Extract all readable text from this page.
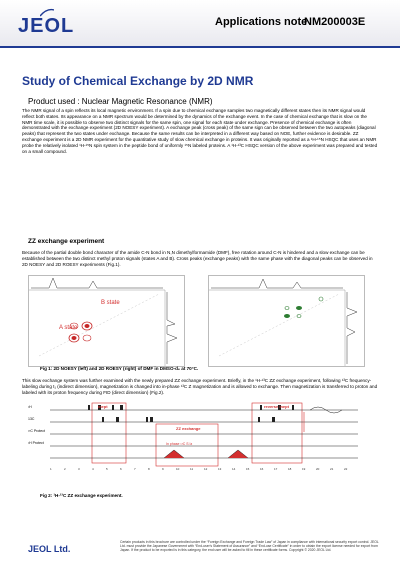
JEOL	Applications note
NM200003E
Study of Chemical Exchange by 2D NMR
Product used : Nuclear Magnetic Resonance (NMR)
The NMR signal of a spin reflects its local magnetic environment. If a spin due to chemical exchange samples two magnetically different states then its NMR signal would reflect both states. Its appearance on a NMR spectrum would be determined by the dynamics of the exchange event. In the case of chemical exchange that is slow on the NMR time scale, it is possible to observe two distinct signals for the same spin, one signal for each state under exchange. Presence of chemical exchange is often demonstrated with the exchange experiment (2D NOESY experiment). A exchange peak (cross peak) of the same sign can be observed between the two autopeaks (diagonal peaks) that represent the two states under exchange. Because the same results can be interpreted in a different way based on NOE, further evidence is desirable. ZZ exchange experiment is a 2D NMR experiment for the quantitative study of slow chemical exchange in proteins. It was originally reported as a ¹H-¹⁵N HSQC that uses an NMR probe the relatively isolated ¹H-¹⁵N spin system in the peptide bond of uniformly ¹⁵N labeled proteins. A ¹H-¹³C HSQC version of the above experiment was prepared and tested on a small compound.
ZZ exchange experiment
Because of the partial double bond character of the amide C-N bond in N,N dimethylformamide (DMF), free rotation around C-N is hindered and a slow exchange can be established between the two distinct methyl proton signals (states A and B). Cross peaks (exchange peaks) with the same phase with the diagonal peaks can be observed in 2D NOESY and 2D ROESY experiments (Fig.1).
A state
B state
Fig 1: 2D NOESY (left) and 2D ROESY (right) of DMF in DMSO-d₆ at 70°C.
This slow exchange system was further examined with the newly prepared ZZ exchange experiment. Briefly, in the ¹H-¹³C ZZ exchange experiment, following ¹³C frequency-labeling during t₁ (indirect dimension), magnetization is changed into in-phase ¹³C Z magnetization and is allowed to exchange. Then magnetization is transferred to proton and labeled with its proton frequency during FID (direct dimension) (Fig.2).
¹H
13C
¹³C Protect
¹H Protect
1	2	3	4	5	6	7	8	9	10	11	12	13	14	15	16	17	18	19	20	21	22
inept
ZZ exchange
reverse inept
In phase ¹³C S Iz
Fig 2: ¹H-¹³C ZZ exchange experiment.
JEOL Ltd.
Certain products in this brochure are controlled under the “Foreign Exchange and Foreign Trade Law” of Japan in compliance with international security export control. JEOL Ltd. must provide the Japanese Government with “End-user's Statement of Assurance” and “End-use Certificate” in order to obtain the export license needed for export from Japan. If the product to be exported is in this category, the end user will be asked to fill in these certificate forms. Copyright © 2020 JEOL Ltd.
